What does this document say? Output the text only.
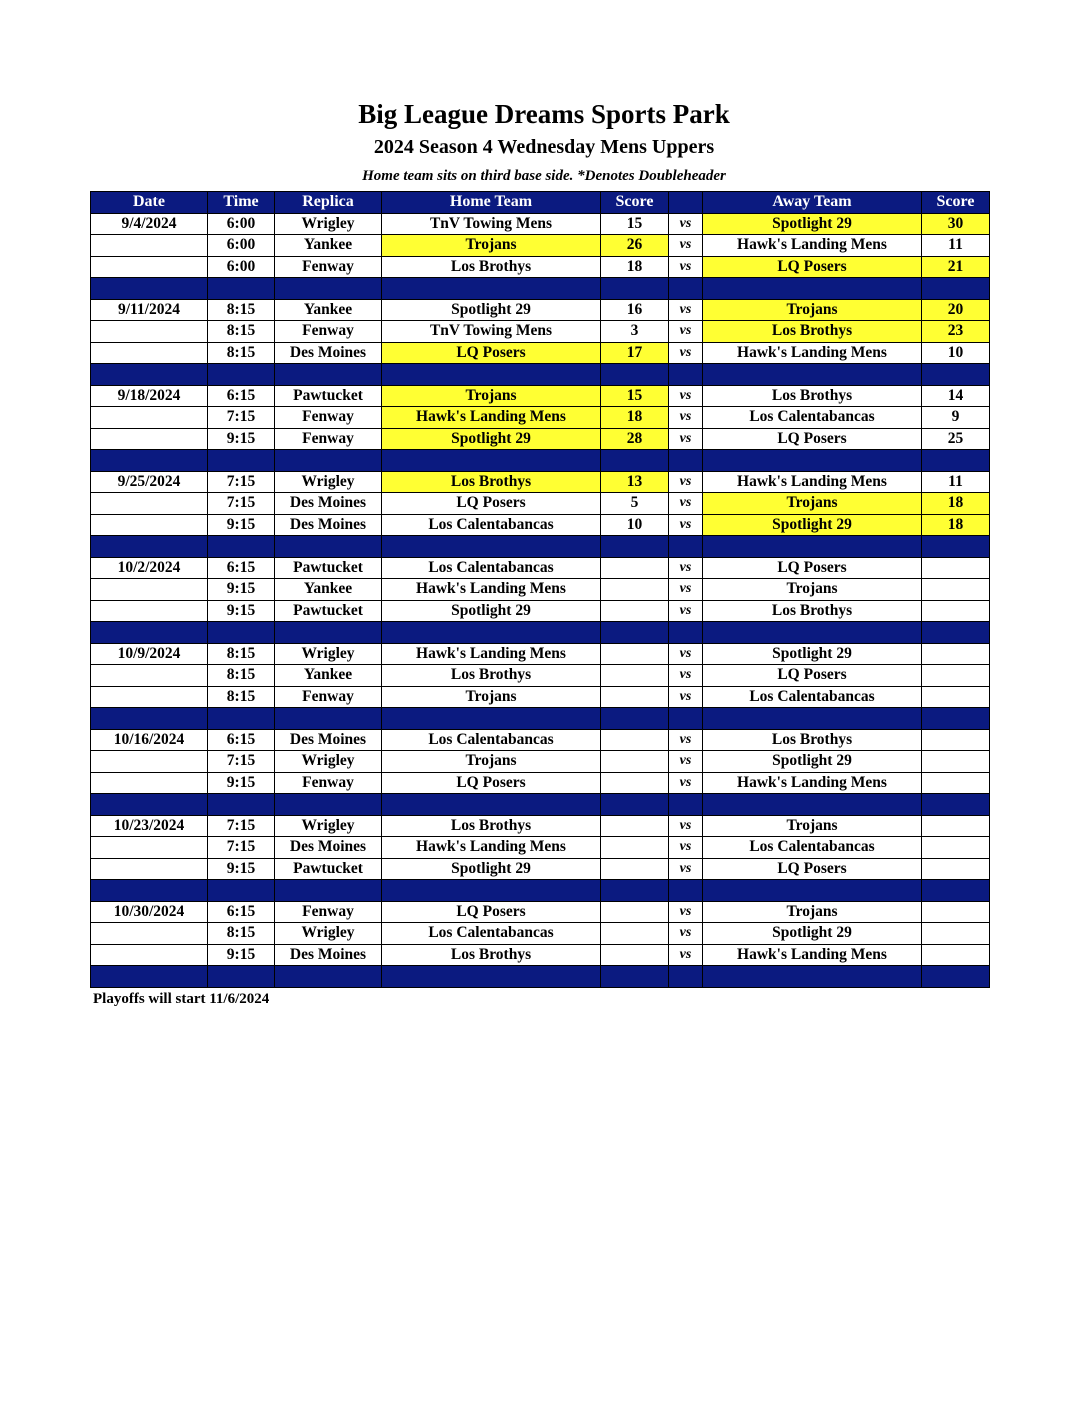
Big League Dreams Sports Park
2024 Season 4 Wednesday Mens Uppers
Home team sits on third base side. *Denotes Doubleheader
Date	Time	Replica	Home Team	Score		Away Team	Score
9/4/2024	6:00	Wrigley	TnV Towing Mens	15	vs	Spotlight 29	30
	6:00	Yankee	Trojans	26	vs	Hawk's Landing Mens	11
	6:00	Fenway	Los Brothys	18	vs	LQ Posers	21

9/11/2024	8:15	Yankee	Spotlight 29	16	vs	Trojans	20
	8:15	Fenway	TnV Towing Mens	3	vs	Los Brothys	23
	8:15	Des Moines	LQ Posers	17	vs	Hawk's Landing Mens	10

9/18/2024	6:15	Pawtucket	Trojans	15	vs	Los Brothys	14
	7:15	Fenway	Hawk's Landing Mens	18	vs	Los Calentabancas	9
	9:15	Fenway	Spotlight 29	28	vs	LQ Posers	25

9/25/2024	7:15	Wrigley	Los Brothys	13	vs	Hawk's Landing Mens	11
	7:15	Des Moines	LQ Posers	5	vs	Trojans	18
	9:15	Des Moines	Los Calentabancas	10	vs	Spotlight 29	18

10/2/2024	6:15	Pawtucket	Los Calentabancas		vs	LQ Posers	
	9:15	Yankee	Hawk's Landing Mens		vs	Trojans	
	9:15	Pawtucket	Spotlight 29		vs	Los Brothys	

10/9/2024	8:15	Wrigley	Hawk's Landing Mens		vs	Spotlight 29	
	8:15	Yankee	Los Brothys		vs	LQ Posers	
	8:15	Fenway	Trojans		vs	Los Calentabancas	

10/16/2024	6:15	Des Moines	Los Calentabancas		vs	Los Brothys	
	7:15	Wrigley	Trojans		vs	Spotlight 29	
	9:15	Fenway	LQ Posers		vs	Hawk's Landing Mens	

10/23/2024	7:15	Wrigley	Los Brothys		vs	Trojans	
	7:15	Des Moines	Hawk's Landing Mens		vs	Los Calentabancas	
	9:15	Pawtucket	Spotlight 29		vs	LQ Posers	

10/30/2024	6:15	Fenway	LQ Posers		vs	Trojans	
	8:15	Wrigley	Los Calentabancas		vs	Spotlight 29	
	9:15	Des Moines	Los Brothys		vs	Hawk's Landing Mens	

Playoffs will start 11/6/2024
